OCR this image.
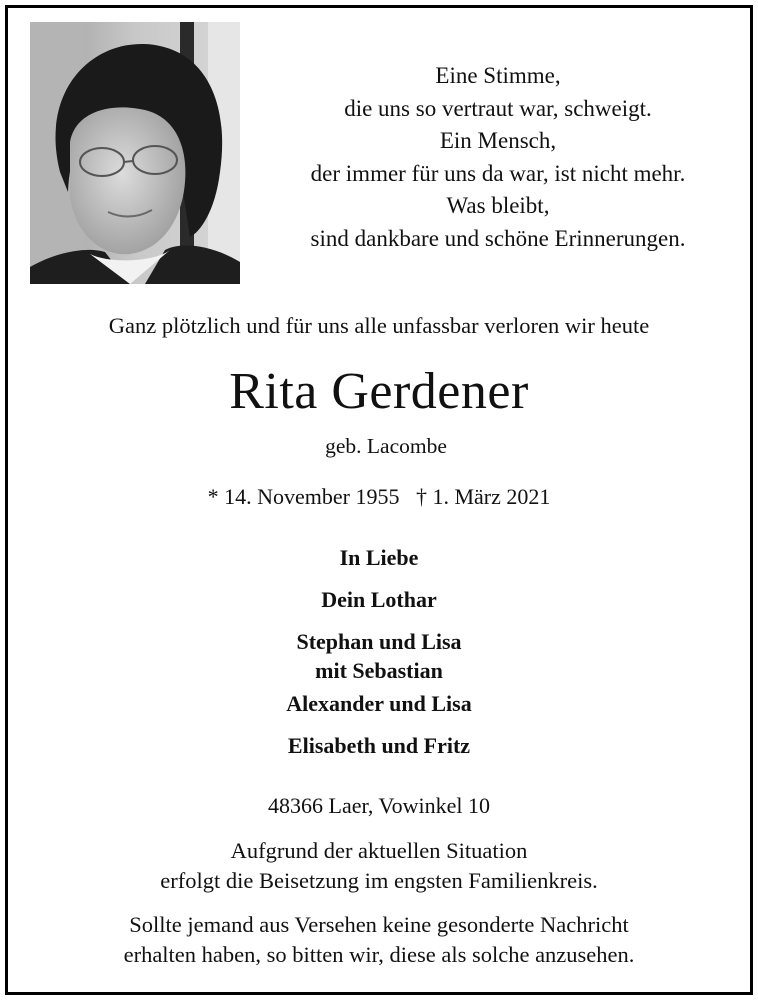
Eine Stimme,
die uns so vertraut war, schweigt.
Ein Mensch,
der immer für uns da war, ist nicht mehr.
Was bleibt,
sind dankbare und schöne Erinnerungen.
Ganz plötzlich und für uns alle unfassbar verloren wir heute
Rita Gerdener
geb. Lacombe
* 14. November 1955   † 1. März 2021
In Liebe
Dein Lothar
Stephan und Lisa
mit Sebastian
Alexander und Lisa
Elisabeth und Fritz
48366 Laer, Vowinkel 10
Aufgrund der aktuellen Situation
erfolgt die Beisetzung im engsten Familienkreis.
Sollte jemand aus Versehen keine gesonderte Nachricht
erhalten haben, so bitten wir, diese als solche anzusehen.
